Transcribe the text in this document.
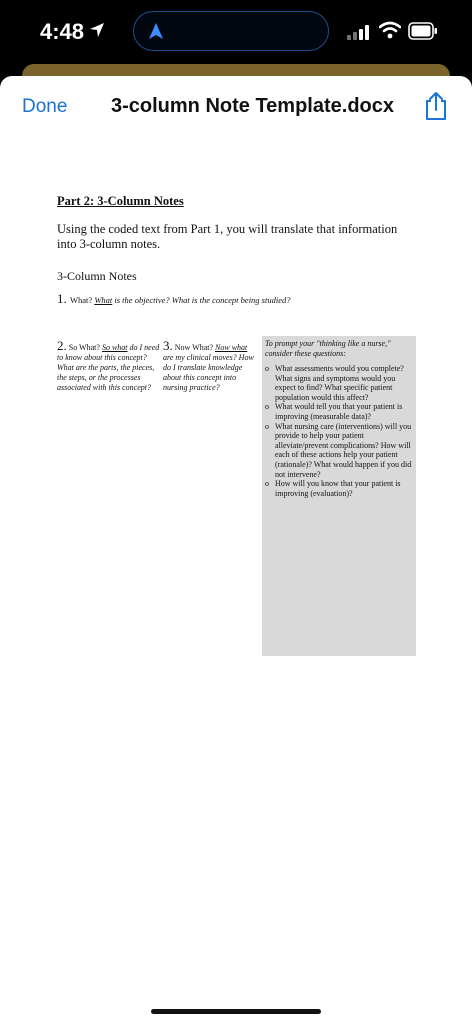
4:48
Done 3-column Note Template.docx
Part 2: 3-Column Notes
Using the coded text from Part 1, you will translate that information into 3-column notes.
3-Column Notes
1. What? What is the objective? What is the concept being studied?
2. So What? So what do I need to know about this concept? What are the parts, the pieces, the steps, or the processes associated with this concept?
3. Now What? Now what are my clinical moves? How do I translate knowledge about this concept into nursing practice?
To prompt your "thinking like a nurse," consider these questions:
o What assessments would you complete? What signs and symptoms would you expect to find? What specific patient population would this affect?
o What would tell you that your patient is improving (measurable data)?
o What nursing care (interventions) will you provide to help your patient alleviate/prevent complications? How will each of these actions help your patient (rationale)? What would happen if you did not intervene?
o How will you know that your patient is improving (evaluation)?
